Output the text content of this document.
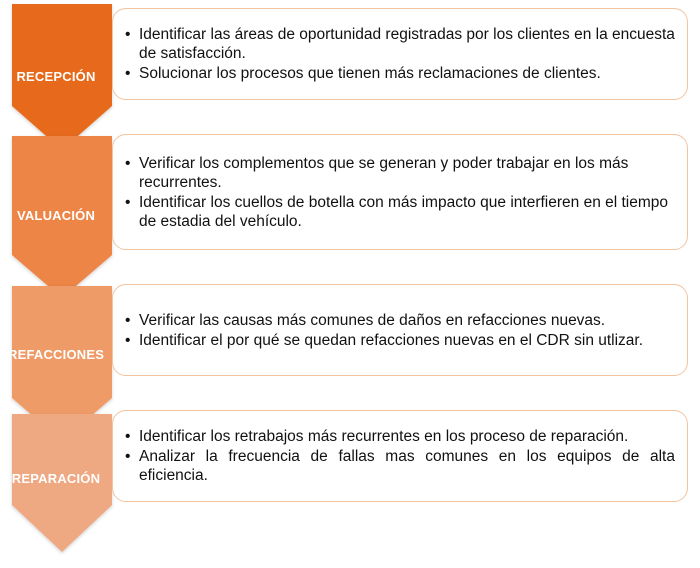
RECEPCIÓN
VALUACIÓN
REFACCIONES
REPARACIÓN
• Identificar las áreas de oportunidad registradas por los clientes en la encuesta de satisfacción.
• Solucionar los procesos que tienen más reclamaciones de clientes.
• Verificar los complementos que se generan y poder trabajar en los más recurrentes.
• Identificar los cuellos de botella con más impacto que interfieren en el tiempo de estadia del vehículo.
• Verificar las causas más comunes de daños en refacciones nuevas.
• Identificar el por qué se quedan refacciones nuevas en el CDR sin utlizar.
• Identificar los retrabajos más recurrentes en los proceso de reparación.
• Analizar la frecuencia de fallas mas comunes en los equipos de alta eficiencia.
